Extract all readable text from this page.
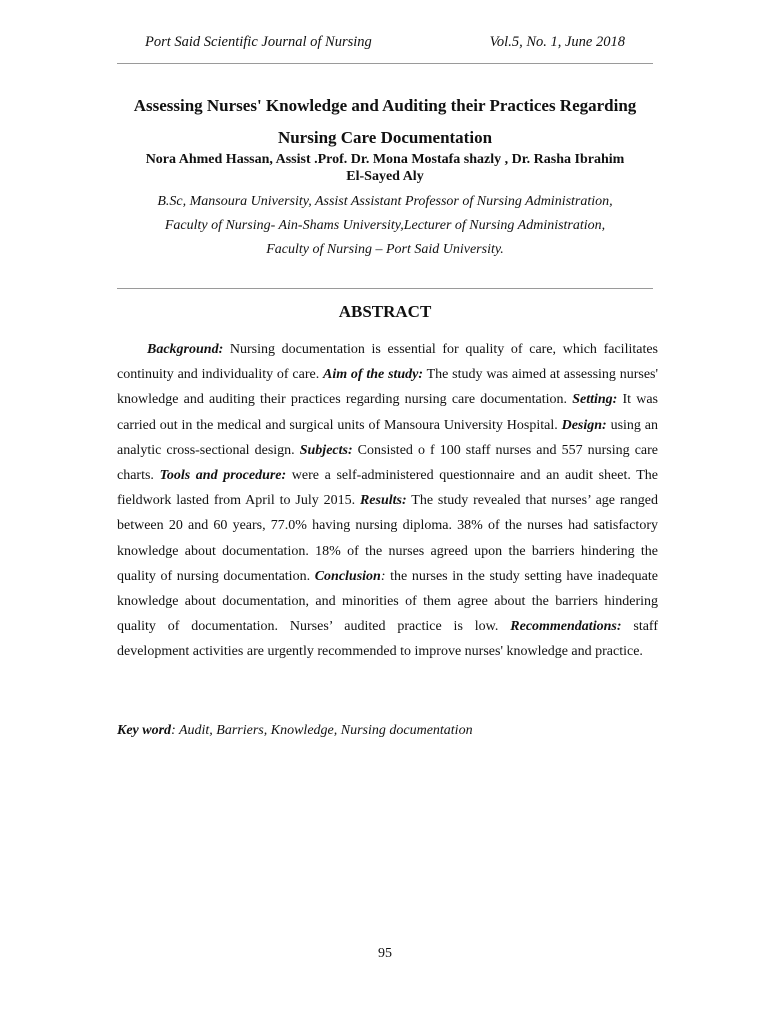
Port Said Scientific Journal of Nursing	Vol.5, No. 1, June 2018
Assessing Nurses' Knowledge and Auditing their Practices Regarding
Nursing Care Documentation
Nora Ahmed Hassan, Assist .Prof. Dr. Mona Mostafa shazly , Dr. Rasha Ibrahim
El-Sayed Aly
B.Sc, Mansoura University, Assist Assistant Professor of Nursing Administration,
Faculty of Nursing- Ain-Shams University,Lecturer of Nursing Administration,
Faculty of Nursing – Port Said University.
ABSTRACT

Background: Nursing documentation is essential for quality of care, which facilitates continuity and individuality of care. Aim of the study: The study was aimed at assessing nurses' knowledge and auditing their practices regarding nursing care documentation. Setting: It was carried out in the medical and surgical units of Mansoura University Hospital. Design: using an analytic cross-sectional design. Subjects: Consisted o f 100 staff nurses and 557 nursing care charts. Tools and procedure: were a self-administered questionnaire and an audit sheet. The fieldwork lasted from April to July 2015. Results: The study revealed that nurses’ age ranged between 20 and 60 years, 77.0% having nursing diploma. 38% of the nurses had satisfactory knowledge about documentation. 18% of the nurses agreed upon the barriers hindering the quality of nursing documentation. Conclusion: the nurses in the study setting have inadequate knowledge about documentation, and minorities of them agree about the barriers hindering quality of documentation. Nurses’ audited practice is low. Recommendations: staff development activities are urgently recommended to improve nurses' knowledge and practice.

Key word: Audit, Barriers, Knowledge, Nursing documentation
95
